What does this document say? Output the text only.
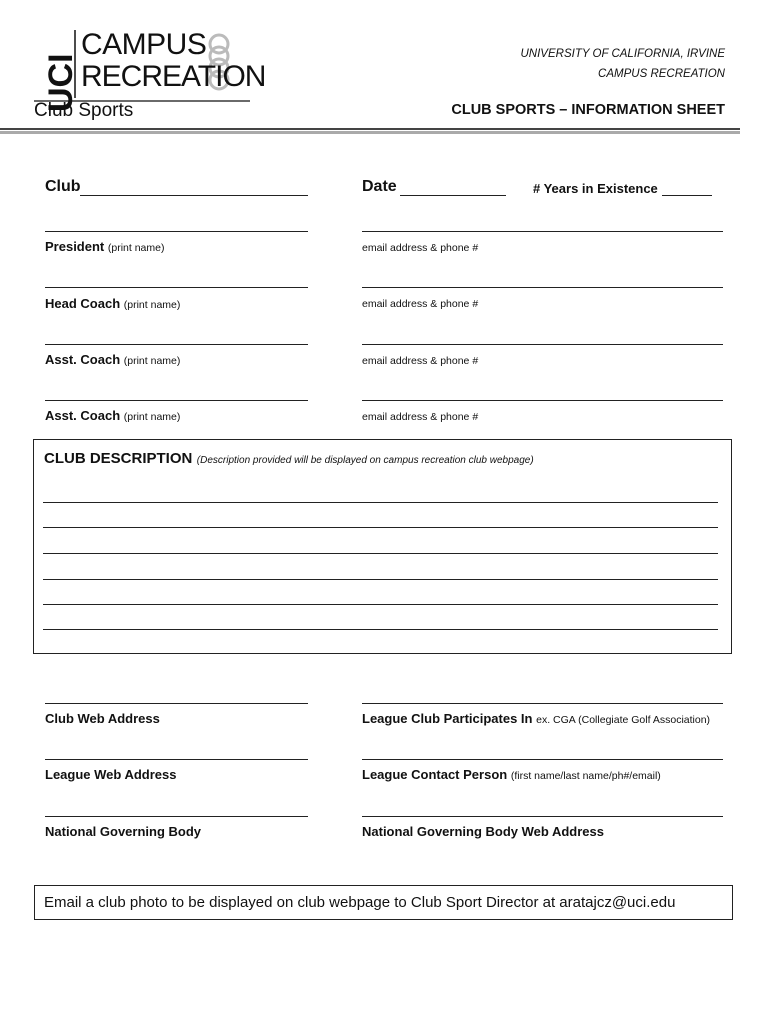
UCI
CAMPUS
RECREATION
Club Sports
UNIVERSITY OF CALIFORNIA, IRVINE
CAMPUS RECREATION
CLUB SPORTS – INFORMATION SHEET
Club	Date	# Years in Existence
President (print name)	email address & phone #
Head Coach (print name)	email address & phone #
Asst. Coach (print name)	email address & phone #
Asst. Coach (print name)	email address & phone #
CLUB DESCRIPTION (Description provided will be displayed on campus recreation club webpage)
Club Web Address	League Club Participates In ex. CGA (Collegiate Golf Association)
League Web Address	League Contact Person (first name/last name/ph#/email)
National Governing Body	National Governing Body Web Address
Email a club photo to be displayed on club webpage to Club Sport Director at aratajcz@uci.edu
